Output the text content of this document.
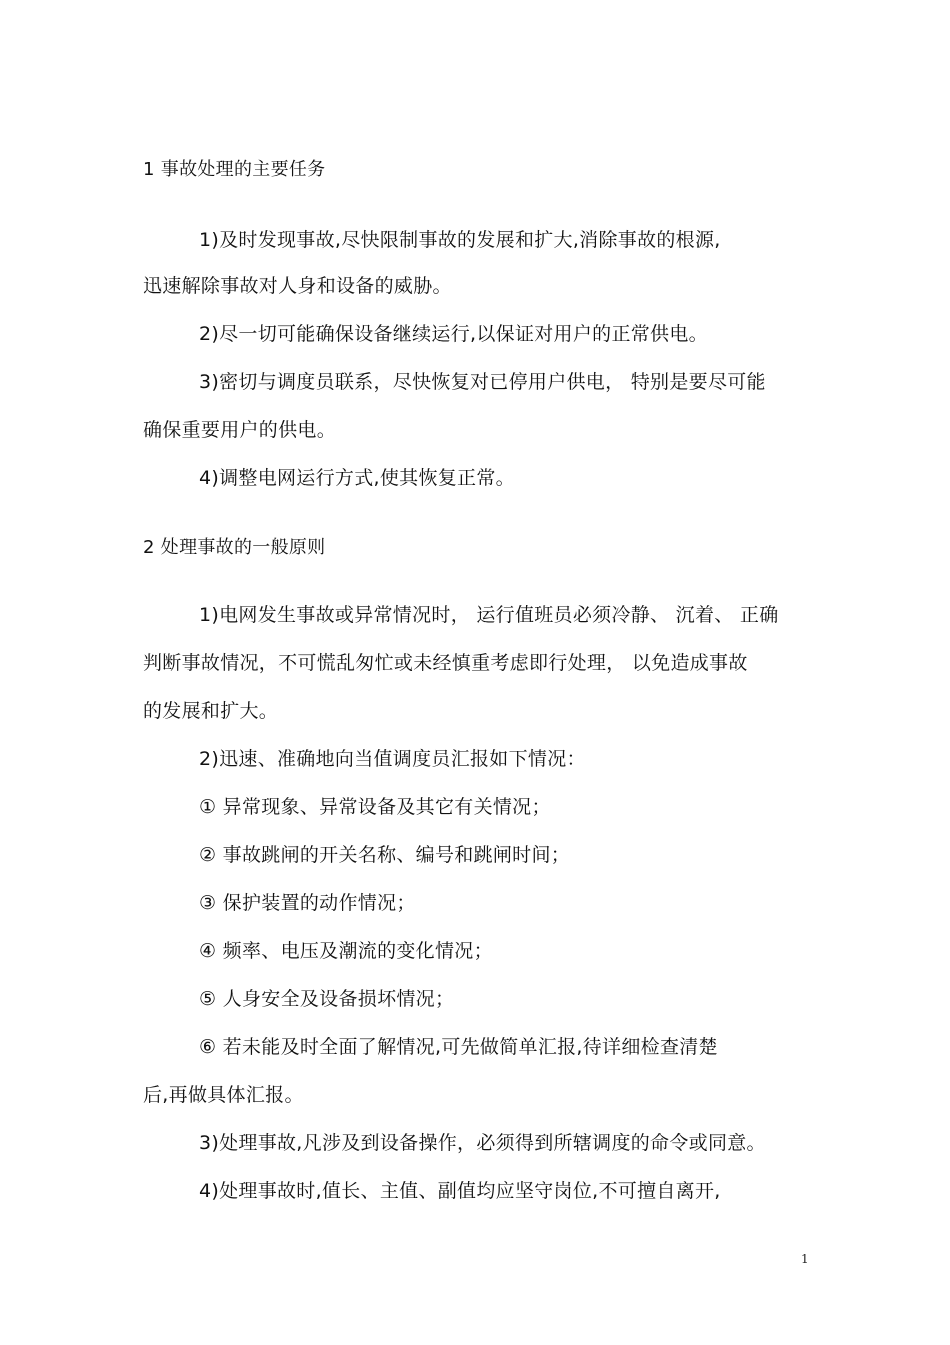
1 事故处理的主要任务
1)及时发现事故,尽快限制事故的发展和扩大,消除事故的根源,
迅速解除事故对人身和设备的威胁。
2)尽一切可能确保设备继续运行,以保证对用户的正常供电。
3)密切与调度员联系，尽快恢复对已停用户供电， 特别是要尽可能
确保重要用户的供电。
4)调整电网运行方式,使其恢复正常。
2 处理事故的一般原则
1)电网发生事故或异常情况时， 运行值班员必须冷静、 沉着、 正确
判断事故情况，不可慌乱匆忙或未经慎重考虑即行处理， 以免造成事故
的发展和扩大。
2)迅速、准确地向当值调度员汇报如下情况：
① 异常现象、异常设备及其它有关情况；
② 事故跳闸的开关名称、编号和跳闸时间；
③ 保护装置的动作情况；
④ 频率、电压及潮流的变化情况；
⑤ 人身安全及设备损坏情况；
⑥ 若未能及时全面了解情况,可先做简单汇报,待详细检查清楚
后,再做具体汇报。
3)处理事故,凡涉及到设备操作，必须得到所辖调度的命令或同意。
4)处理事故时,值长、主值、副值均应坚守岗位,不可擅自离开,
1
